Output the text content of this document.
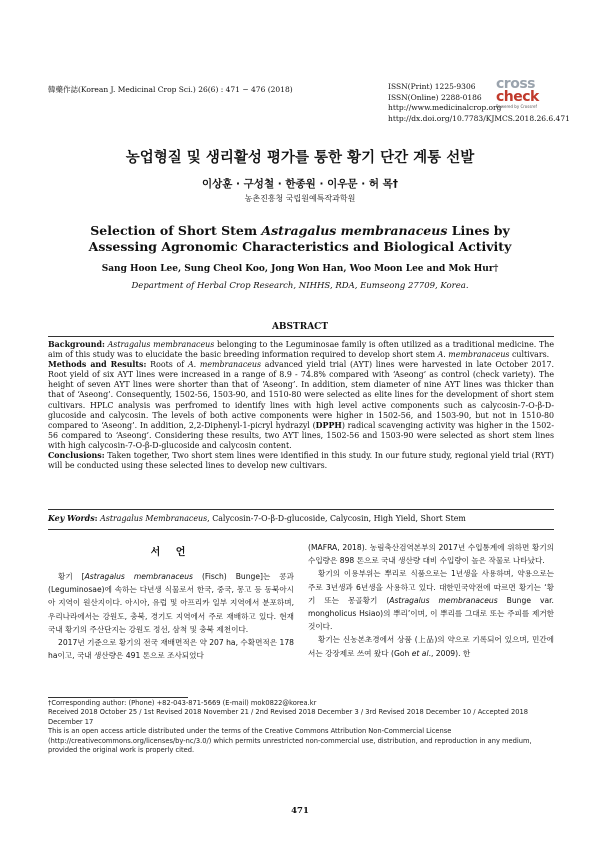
韓藥作誌(Korean J. Medicinal Crop Sci.) 26(6) : 471 − 476 (2018)	ISSN(Print) 1225-9306
ISSN(Online) 2288-0186
http://www.medicinalcrop.org
http://dx.doi.org/10.7783/KJMCS.2018.26.6.471
cross
check
Powered by Crossref
농업형질 및 생리활성 평가를 통한 황기 단간 계통 선발
이상훈 · 구성철 · 한종원 · 이우문 · 허 목†
농촌진흥청 국립원예특작과학원
Selection of Short Stem Astragalus membranaceus Lines by Assessing Agronomic Characteristics and Biological Activity
Sang Hoon Lee, Sung Cheol Koo, Jong Won Han, Woo Moon Lee and Mok Hur†
Department of Herbal Crop Research, NIHHS, RDA, Eumseong 27709, Korea.
ABSTRACT

Background: Astragalus membranaceus belonging to the Leguminosae family is often utilized as a traditional medicine. The aim of this study was to elucidate the basic breeding information required to develop short stem A. membranaceus cultivars.

Methods and Results: Roots of A. membranaceus advanced yield trial (AYT) lines were harvested in late October 2017. Root yield of six AYT lines were increased in a range of 8.9 - 74.8% compared with ‘Aseong’ as control (check variety). The height of seven AYT lines were shorter than that of ‘Aseong’. In addition, stem diameter of nine AYT lines was thicker than that of ‘Aseong’. Consequently, 1502-56, 1503-90, and 1510-80 were selected as elite lines for the development of short stem cultivars. HPLC analysis was perfromed to identify lines with high level active components such as calycosin-7-O-β-D-glucoside and calycosin. The levels of both active components were higher in 1502-56, and 1503-90, but not in 1510-80 compared to ‘Aseong’. In addition, 2,2-Diphenyl-1-picryl hydrazyl (DPPH) radical scavenging activity was higher in the 1502-56 compared to ‘Aseong’. Considering these results, two AYT lines, 1502-56 and 1503-90 were selected as short stem lines with high calycosin-7-O-β-D-glucoside and calycosin content.

Conclusions: Taken together, Two short stem lines were identified in this study. In our future study, regional yield trial (RYT) will be conducted using these selected lines to develop new cultivars.

Key Words: Astragalus Membranaceus, Calycosin-7-O-β-D-glucoside, Calycosin, High Yield, Short Stem
서 언

황기 [Astragalus membranaceus (Fisch) Bunge]는 콩과 (Leguminosae)에 속하는 다년생 식물로서 한국, 중국, 몽고 등 동북아시아 지역이 원산지이다. 아시아, 유럽 및 아프리카 일부 지역에서 분포하며, 우리나라에서는 강원도, 충북, 경기도 지역에서 주로 재배하고 있다. 현재 국내 황기의 주산단지는 강원도 정선, 삼척 및 충북 제천이다.

2017년 기준으로 황기의 전국 재배면적은 약 207 ha, 수확면적은 178 ha이고, 국내 생산량은 491 톤으로 조사되었다

(MAFRA, 2018). 농림축산검역본부의 2017년 수입통계에 위하면 황기의 수입량은 898 톤으로 국내 생산량 대비 수입량이 높은 작물로 나타났다.

황기의 이용부위는 뿌리로 식품으로는 1년생을 사용하며, 약용으로는 주로 3년생과 6년생을 사용하고 있다. 대한민국약전에 따르면 황기는 ‘황기 또는 몽골황기 (Astragalus membranaceus Bunge var. mongholicus Hsiao)의 뿌리’이며, 이 뿌리를 그대로 또는 주피를 제거한 것이다.

황기는 신농본초경에서 상품 (上品)의 약으로 기록되어 있으며, 민간에서는 강장제로 쓰여 왔다 (Goh et al., 2009). 한

†Corresponding author: (Phone) +82-043-871-5669 (E-mail) mok0822@korea.kr
Received 2018 October 25 / 1st Revised 2018 November 21 / 2nd Revised 2018 December 3 / 3rd Revised 2018 December 10 / Accepted 2018 December 17
This is an open access article distributed under the terms of the Creative Commons Attribution Non-Commercial License (http://creativecommons.org/licenses/by-nc/3.0/) which permits unrestricted non-commercial use, distribution, and reproduction in any medium, provided the original work is properly cited.
471
